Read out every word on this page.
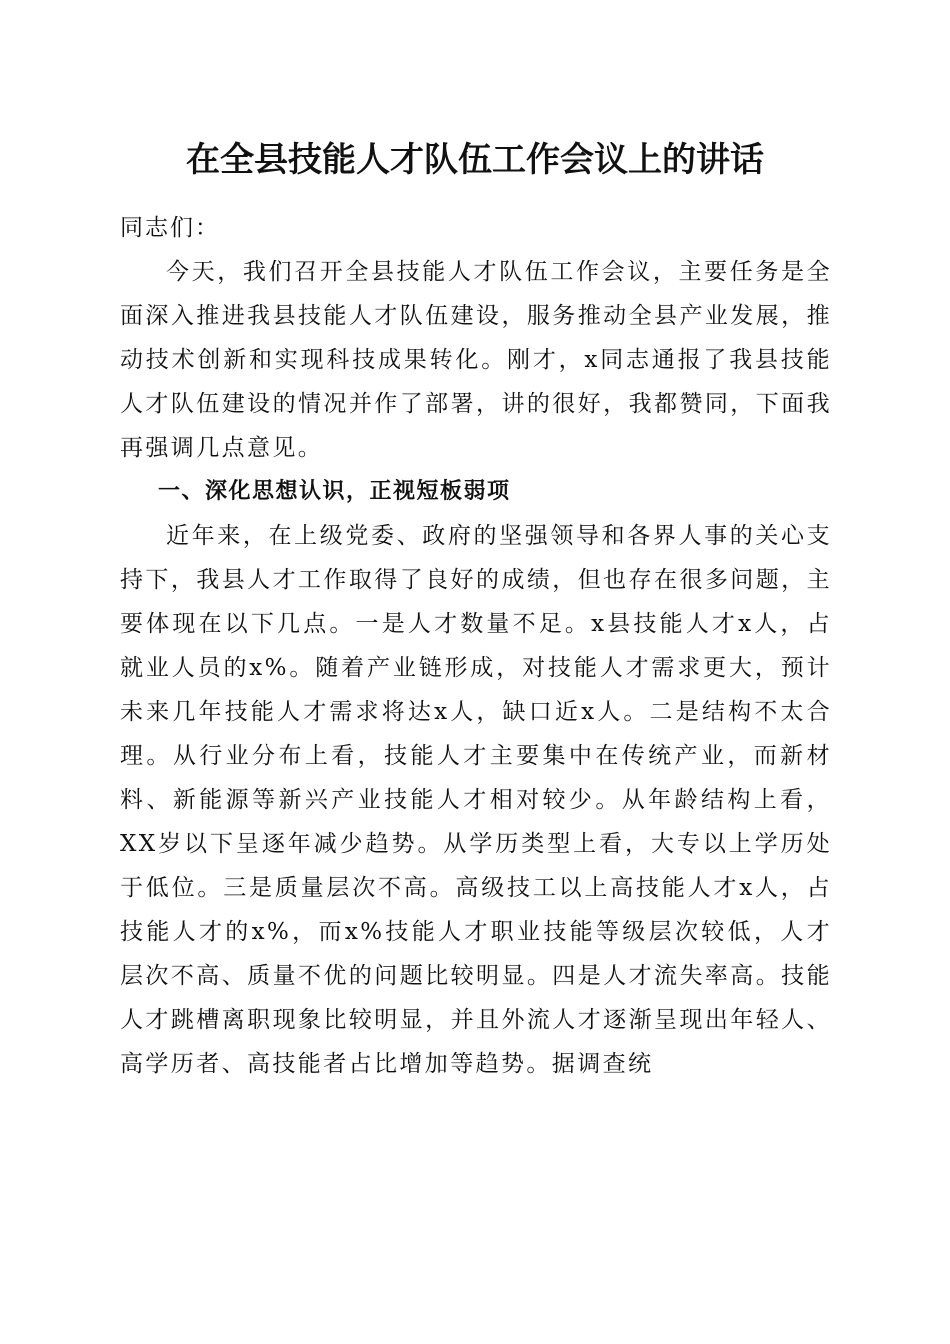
在全县技能人才队伍工作会议上的讲话

同志们：

今天，我们召开全县技能人才队伍工作会议，主要任务是全面深入推进我县技能人才队伍建设，服务推动全县产业发展，推动技术创新和实现科技成果转化。刚才，x同志通报了我县技能人才队伍建设的情况并作了部署，讲的很好，我都赞同，下面我再强调几点意见。

一、深化思想认识，正视短板弱项

近年来，在上级党委、政府的坚强领导和各界人事的关心支持下，我县人才工作取得了良好的成绩，但也存在很多问题，主要体现在以下几点。一是人才数量不足。x县技能人才x人，占就业人员的x%。随着产业链形成，对技能人才需求更大，预计未来几年技能人才需求将达x人，缺口近x人。二是结构不太合理。从行业分布上看，技能人才主要集中在传统产业，而新材料、新能源等新兴产业技能人才相对较少。从年龄结构上看，XX岁以下呈逐年减少趋势。从学历类型上看，大专以上学历处于低位。三是质量层次不高。高级技工以上高技能人才x人，占技能人才的x%，而x%技能人才职业技能等级层次较低，人才层次不高、质量不优的问题比较明显。四是人才流失率高。技能人才跳槽离职现象比较明显，并且外流人才逐渐呈现出年轻人、高学历者、高技能者占比增加等趋势。据调查统
